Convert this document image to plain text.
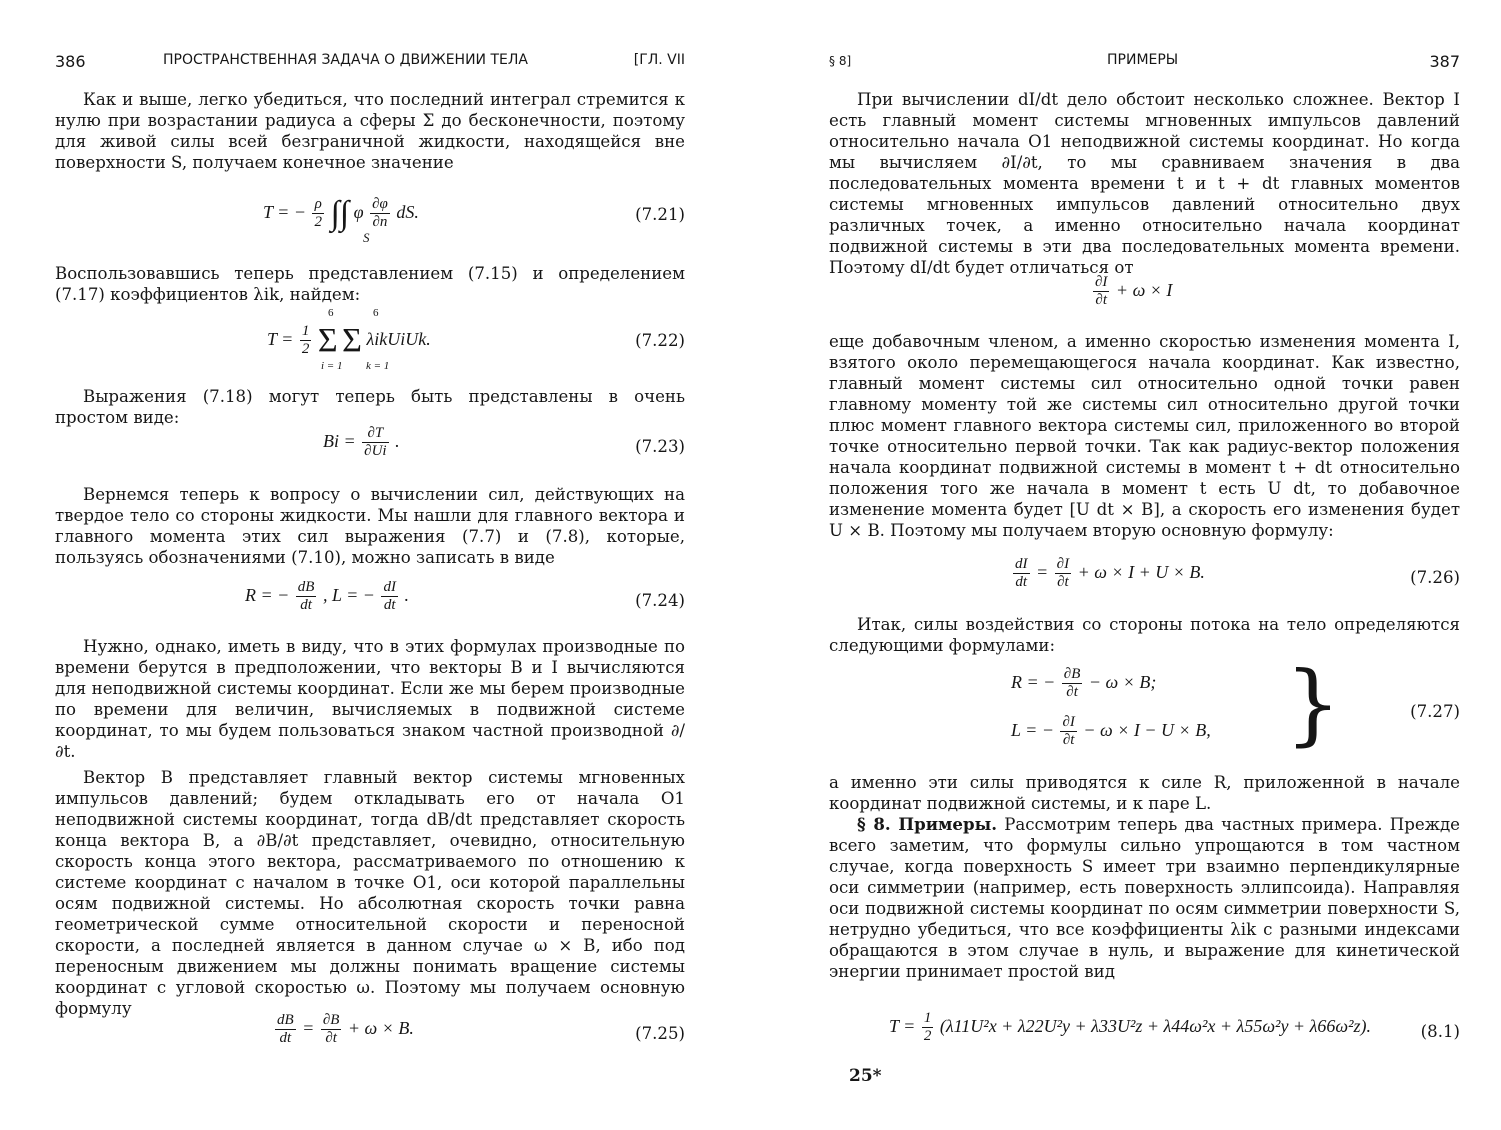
386	ПРОСТРАНСТВЕННАЯ ЗАДАЧА О ДВИЖЕНИИ ТЕЛА	[ГЛ. VII

Как и выше, легко убедиться, что последний интеграл стремится к нулю при возрастании радиуса a сферы Σ до бесконечности, поэтому для живой силы всей безграничной жидкости, находящейся вне поверхности S, получаем конечное значение

T = − $\frac{\rho}{2}$ ∫∫ φ $\frac{\partial\varphi}{\partial n}$ dS.
S
(7.21)

Воспользовавшись теперь представлением (7.15) и определением (7.17) коэффициентов λik, найдем:

$T = \frac{1}{2}$ Σ Σ λikUiUk.
6	6
i = 1 k = 1
(7.22)

Выражения (7.18) могут теперь быть представлены в очень простом виде:

$Bi = \frac{\partial T}{\partial Ui}$ .	(7.23)

Вернемся теперь к вопросу о вычислении сил, действующих на твердое тело со стороны жидкости. Мы нашли для главного вектора и главного момента этих сил выражения (7.7) и (7.8), которые, пользуясь обозначениями (7.10), можно записать в виде

R = − $\frac{dB}{dt}$ , L = − $\frac{dI}{dt}$ .	(7.24)

Нужно, однако, иметь в виду, что в этих формулах производные по времени берутся в предположении, что векторы B и I вычисляются для неподвижной системы координат. Если же мы берем производные по времени для величин, вычисляемых в подвижной системе координат, то мы будем пользоваться знаком частной производной ∂/∂t.

Вектор B представляет главный вектор системы мгновенных импульсов давлений; будем откладывать его от начала O1 неподвижной системы координат, тогда dB/dt представляет скорость конца вектора B, а ∂B/∂t представляет, очевидно, относительную скорость конца этого вектора, рассматриваемого по отношению к системе координат с началом в точке O1, оси которой параллельны осям подвижной системы. Но абсолютная скорость точки равна геометрической сумме относительной скорости и переносной скорости, а последней является в данном случае ω × B, ибо под переносным движением мы должны понимать вращение системы координат с угловой скоростью ω. Поэтому мы получаем основную формулу

$\frac{dB}{dt} = \frac{\partial B}{\partial t} + \omega \times B$.	(7.25)
§ 8]	ПРИМЕРЫ	387

При вычислении dI/dt дело обстоит несколько сложнее. Вектор I есть главный момент системы мгновенных импульсов давлений относительно начала O1 неподвижной системы координат. Но когда мы вычисляем ∂I/∂t, то мы сравниваем значения в два последовательных момента времени t и t + dt главных моментов системы мгновенных импульсов давлений относительно двух различных точек, а именно относительно начала координат подвижной системы в эти два последовательных момента времени. Поэтому dI/dt будет отличаться от

$\frac{\partial I}{\partial t} + \omega \times I$

еще добавочным членом, а именно скоростью изменения момента I, взятого около перемещающегося начала координат. Как известно, главный момент системы сил относительно одной точки равен главному моменту той же системы сил относительно другой точки плюс момент главного вектора системы сил, приложенного во второй точке относительно первой точки. Так как радиус-вектор положения начала координат подвижной системы в момент t + dt относительно положения того же начала в момент t есть U dt, то добавочное изменение момента будет [U dt × B], а скорость его изменения будет U × B. Поэтому мы получаем вторую основную формулу:

$\frac{dI}{dt} = \frac{\partial I}{\partial t} + \omega \times I + U \times B$.	(7.26)

Итак, силы воздействия со стороны потока на тело определяются следующими формулами:

R = − $\frac{\partial B}{\partial t} - \omega \times B$;
L = − $\frac{\partial I}{\partial t} - \omega \times I - U \times B$, }	(7.27)

а именно эти силы приводятся к силе R, приложенной в начале координат подвижной системы, и к паре L.

§ 8. Примеры. Рассмотрим теперь два частных примера. Прежде всего заметим, что формулы сильно упрощаются в том частном случае, когда поверхность S имеет три взаимно перпендикулярные оси симметрии (например, есть поверхность эллипсоида). Направляя оси подвижной системы координат по осям симметрии поверхности S, нетрудно убедиться, что все коэффициенты λik с разными индексами обращаются в этом случае в нуль, и выражение для кинетической энергии принимает простой вид

$T = \frac{1}{2} (\lambda 11U^2x + \lambda 22U^2y + \lambda 33U^2z + \lambda 44\omega^2x + \lambda 55\omega^2y + \lambda 66\omega^2z)$.	(8.1)
25*
